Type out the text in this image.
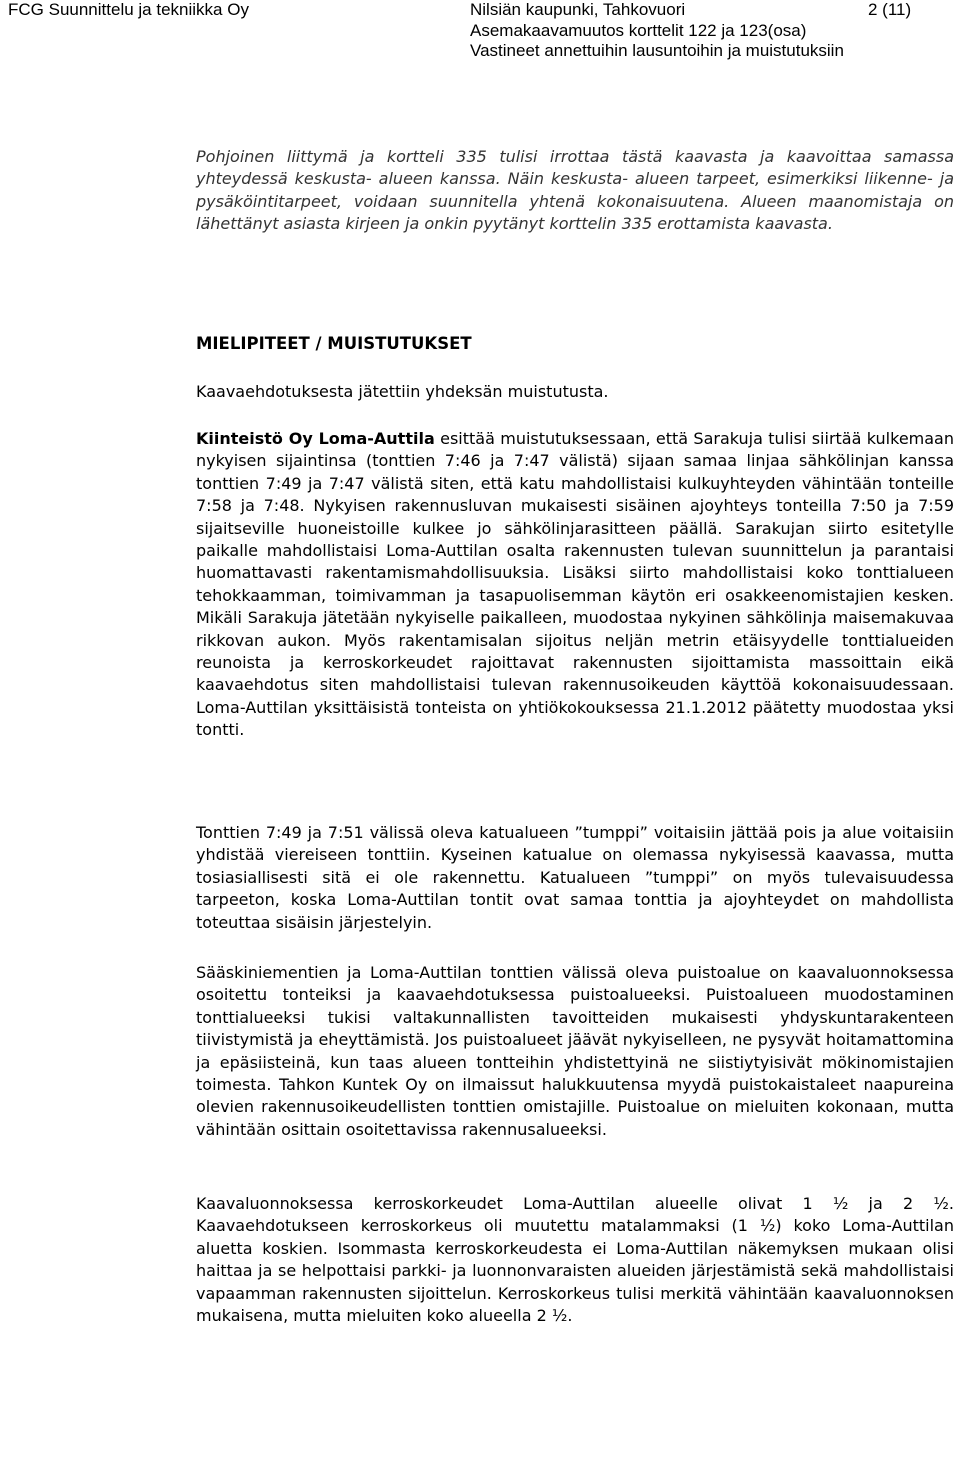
FCG Suunnittelu ja tekniikka Oy	Nilsiän kaupunki, Tahkovuori
Asemakaavamuutos korttelit 122 ja 123(osa)
Vastineet annettuihin lausuntoihin ja muistutuksiin
2 (11)

Pohjoinen liittymä ja kortteli 335 tulisi irrottaa tästä kaavasta ja kaavoittaa samassa yhteydessä keskusta- alueen kanssa. Näin keskusta- alueen tarpeet, esimerkiksi liikenne- ja pysäköintitarpeet, voidaan suunnitella yhtenä kokonaisuutena. Alueen maanomistaja on lähettänyt asiasta kirjeen ja onkin pyytänyt korttelin 335 erottamista kaavasta.

MIELIPITEET / MUISTUTUKSET

Kaavaehdotuksesta jätettiin yhdeksän muistutusta.

Kiinteistö Oy Loma-Auttila esittää muistutuksessaan, että Sarakuja tulisi siirtää kulkemaan nykyisen sijaintinsa (tonttien 7:46 ja 7:47 välistä) sijaan samaa linjaa sähkölinjan kanssa tonttien 7:49 ja 7:47 välistä siten, että katu mahdollistaisi kulkuyhteyden vähintään tonteille 7:58 ja 7:48. Nykyisen rakennusluvan mukaisesti sisäinen ajoyhteys tonteilla 7:50 ja 7:59 sijaitseville huoneistoille kulkee jo sähkölinjarasitteen päällä. Sarakujan siirto esitetylle paikalle mahdollistaisi Loma-Auttilan osalta rakennusten tulevan suunnittelun ja parantaisi huomattavasti rakentamismahdollisuuksia. Lisäksi siirto mahdollistaisi koko tonttialueen tehokkaamman, toimivamman ja tasapuolisemman käytön eri osakkeenomistajien kesken. Mikäli Sarakuja jätetään nykyiselle paikalleen, muodostaa nykyinen sähkölinja maisemakuvaa rikkovan aukon. Myös rakentamisalan sijoitus neljän metrin etäisyydelle tonttialueiden reunoista ja kerroskorkeudet rajoittavat rakennusten sijoittamista massoittain eikä kaavaehdotus siten mahdollistaisi tulevan rakennusoikeuden käyttöä kokonaisuudessaan. Loma-Auttilan yksittäisistä tonteista on yhtiökokouksessa 21.1.2012 päätetty muodostaa yksi tontti.

Tonttien 7:49 ja 7:51 välissä oleva katualueen ”tumppi” voitaisiin jättää pois ja alue voitaisiin yhdistää viereiseen tonttiin. Kyseinen katualue on olemassa nykyisessä kaavassa, mutta tosiasiallisesti sitä ei ole rakennettu. Katualueen ”tumppi” on myös tulevaisuudessa tarpeeton, koska Loma-Auttilan tontit ovat samaa tonttia ja ajoyhteydet on mahdollista toteuttaa sisäisin järjestelyin.

Sääskiniementien ja Loma-Auttilan tonttien välissä oleva puistoalue on kaavaluonnoksessa osoitettu tonteiksi ja kaavaehdotuksessa puistoalueeksi. Puistoalueen muodostaminen tonttialueeksi tukisi valtakunnallisten tavoitteiden mukaisesti yhdyskuntarakenteen tiivistymistä ja eheyttämistä. Jos puistoalueet jäävät nykyiselleen, ne pysyvät hoitamattomina ja epäsiisteinä, kun taas alueen tontteihin yhdistettyinä ne siistiytyisivät mökinomistajien toimesta. Tahkon Kuntek Oy on ilmaissut halukkuutensa myydä puistokaistaleet naapureina olevien rakennusoikeudellisten tonttien omistajille. Puistoalue on mieluiten kokonaan, mutta vähintään osittain osoitettavissa rakennusalueeksi.

Kaavaluonnoksessa kerroskorkeudet Loma-Auttilan alueelle olivat 1 ½ ja 2 ½. Kaavaehdotukseen kerroskorkeus oli muutettu matalammaksi (1 ½) koko Loma-Auttilan aluetta koskien. Isommasta kerroskorkeudesta ei Loma-Auttilan näkemyksen mukaan olisi haittaa ja se helpottaisi parkki- ja luonnonvaraisten alueiden järjestämistä sekä mahdollistaisi vapaamman rakennusten sijoittelun. Kerroskorkeus tulisi merkitä vähintään kaavaluonnoksen mukaisena, mutta mieluiten koko alueella 2 ½.
